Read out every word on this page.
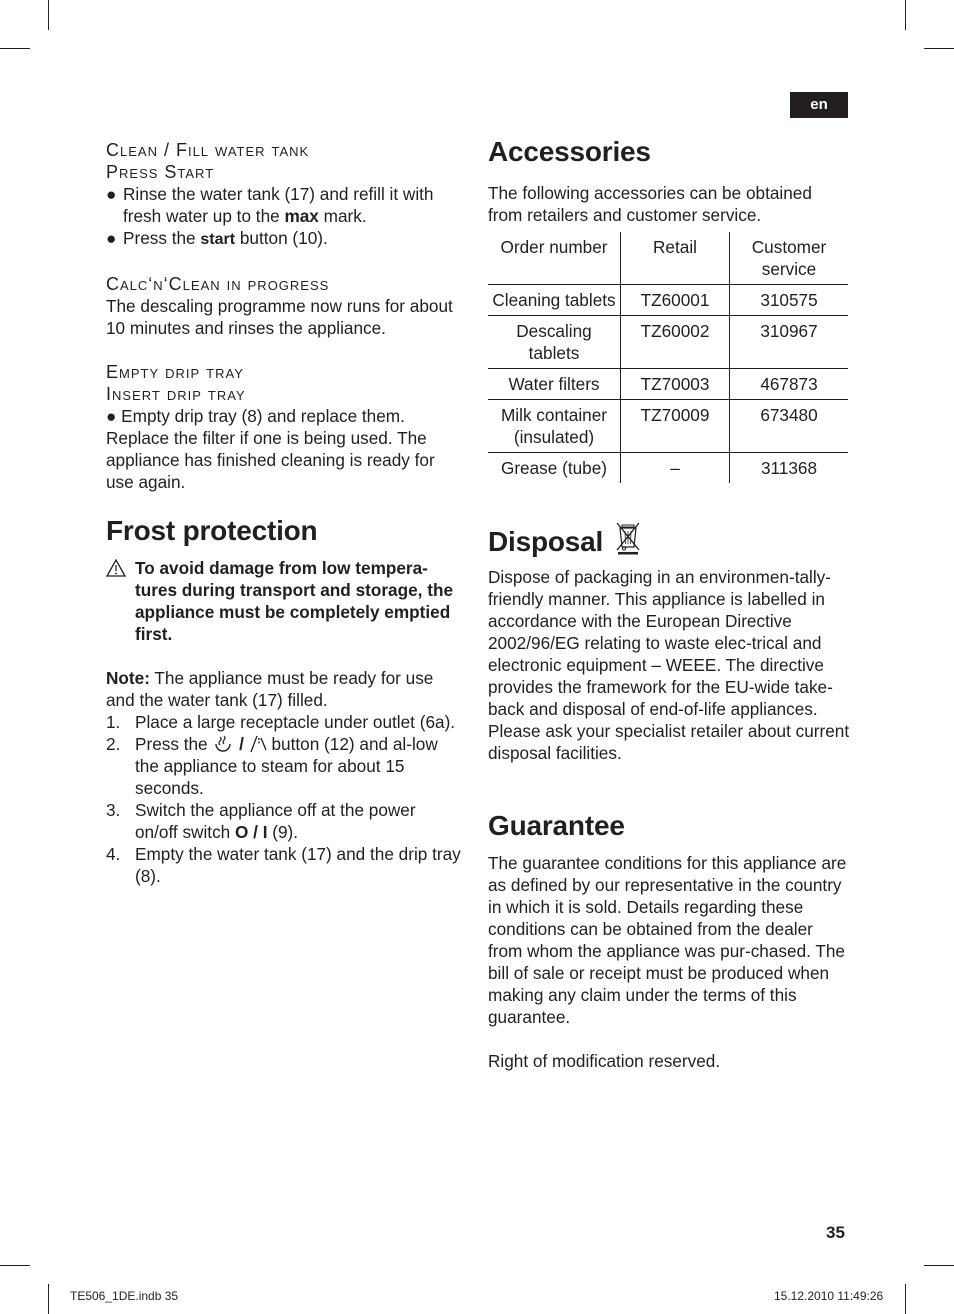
en
Clean / Fill water tank
Press Start

● Rinse the water tank (17) and refill it with fresh water up to the max mark.

● Press the start button (10).

Calc‘n‘Clean in progress

The descaling programme now runs for about 10 minutes and rinses the appliance.

Empty drip tray
Insert drip tray

● Empty drip tray (8) and replace them.

Replace the filter if one is being used. The appliance has finished cleaning is ready for use again.

Frost protection
To avoid damage from low tempera-tures during transport and storage, the appliance must be completely emptied first.

Note: The appliance must be ready for use and the water tank (17) filled.

1. Place a large receptacle under outlet (6a).
2. Press the  /  button (12) and al-low the appliance to steam for about 15 seconds.
3. Switch the appliance off at the power on/off switch O / I (9).
4. Empty the water tank (17) and the drip tray (8).
Accessories

The following accessories can be obtained from retailers and customer service.

Order number	Retail	Customer service
Cleaning tablets	TZ60001	310575
Descaling tablets	TZ60002	310967
Water filters	TZ70003	467873
Milk container (insulated)	TZ70009	673480
Grease (tube)	–	311368
Disposal

Dispose of packaging in an environmen-tally-friendly manner. This appliance is labelled in accordance with the European Directive 2002/96/EG relating to waste elec-trical and electronic equipment – WEEE. The directive provides the framework for the EU-wide take-back and disposal of end-of-life appliances. Please ask your specialist retailer about current disposal facilities.

Guarantee

The guarantee conditions for this appliance are as defined by our representative in the country in which it is sold. Details regarding these conditions can be obtained from the dealer from whom the appliance was pur-chased. The bill of sale or receipt must be produced when making any claim under the terms of this guarantee.

Right of modification reserved.

35
TE506_1DE.indb 35	15.12.2010 11:49:26
